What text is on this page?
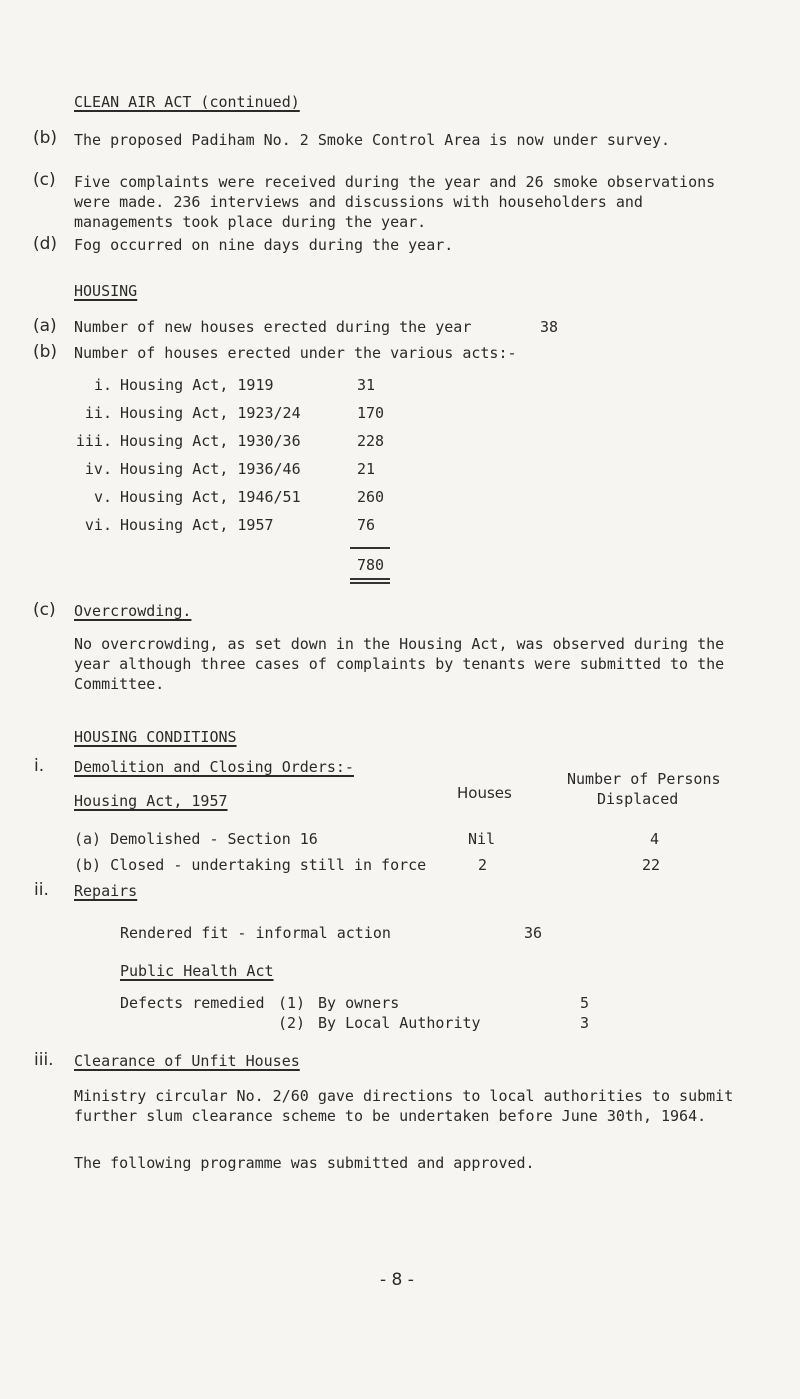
CLEAN AIR ACT (continued)
(b) The proposed Padiham No. 2 Smoke Control Area is now under survey.
(c) Five complaints were received during the year and 26 smoke observations were made. 236 interviews and discussions with householders and managements took place during the year.
(d) Fog occurred on nine days during the year.
HOUSING
(a) Number of new houses erected during the year	38
(b) Number of houses erected under the various acts:-
i. Housing Act, 1919	31
ii. Housing Act, 1923/24	170
iii. Housing Act, 1930/36	228
iv. Housing Act, 1936/46	21
v. Housing Act, 1946/51	260
vi. Housing Act, 1957	76
780
(c) Overcrowding.
No overcrowding, as set down in the Housing Act, was observed during the year although three cases of complaints by tenants were submitted to the Committee.
HOUSING CONDITIONS
i. Demolition and Closing Orders:-
Housing Act, 1957	Houses
Number of Persons
Displaced
(a) Demolished - Section 16	Nil	4
(b) Closed - undertaking still in force	2	22
ii. Repairs
Rendered fit - informal action	36
Public Health Act
Defects remedied (1) By owners	5
(2) By Local Authority	3
iii. Clearance of Unfit Houses
Ministry circular No. 2/60 gave directions to local authorities to submit further slum clearance scheme to be undertaken before June 30th, 1964.
The following programme was submitted and approved.
- 8 -
